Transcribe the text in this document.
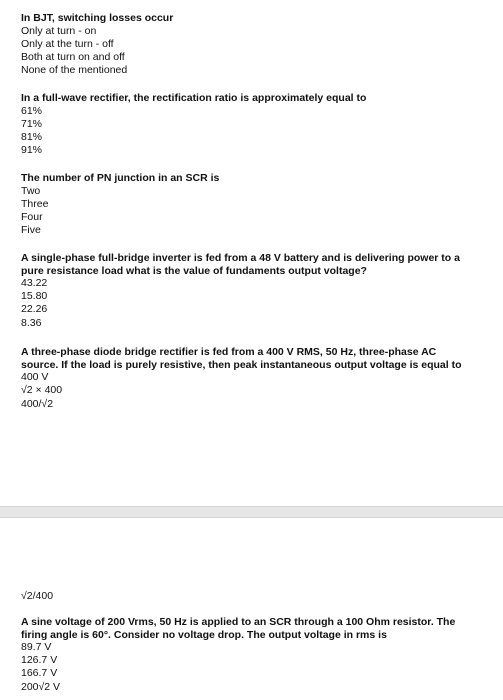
In BJT, switching losses occur

Only at turn - on

Only at the turn - off

Both at turn on and off

None of the mentioned

In a full-wave rectifier, the rectification ratio is approximately equal to

61%

71%

81%

91%

The number of PN junction in an SCR is

Two

Three

Four

Five

A single-phase full-bridge inverter is fed from a 48 V battery and is delivering power to a pure resistance load what is the value of fundaments output voltage?

43.22

15.80

22.26

8.36

A three-phase diode bridge rectifier is fed from a 400 V RMS, 50 Hz, three-phase AC source. If the load is purely resistive, then peak instantaneous output voltage is equal to

400 V

√2 × 400

400/√2

√2/400

A sine voltage of 200 Vrms, 50 Hz is applied to an SCR through a 100 Ohm resistor. The firing angle is 60°. Consider no voltage drop. The output voltage in rms is

89.7 V

126.7 V

166.7 V

200√2 V
